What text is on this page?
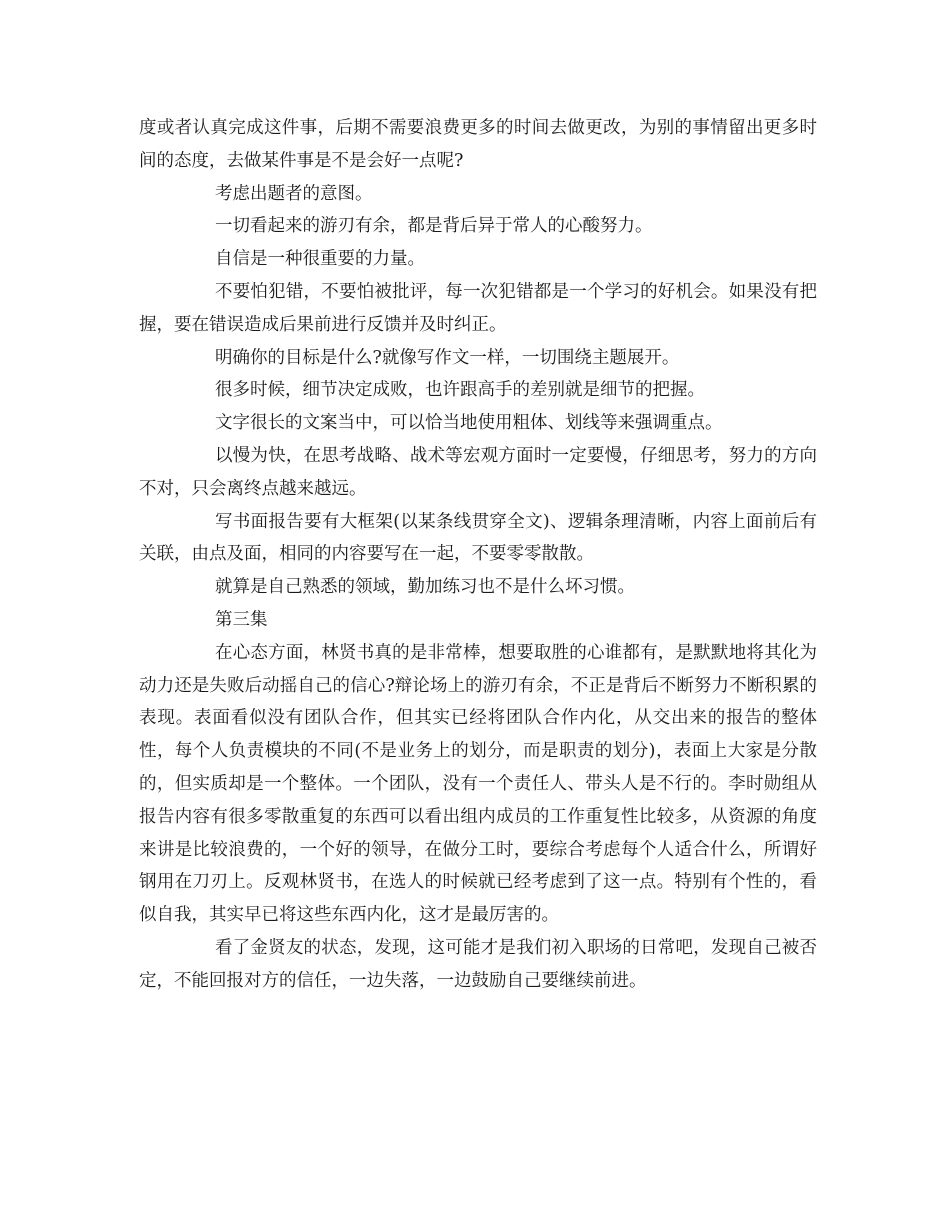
度或者认真完成这件事，后期不需要浪费更多的时间去做更改，为别的事情留出更多时间的态度，去做某件事是不是会好一点呢?

考虑出题者的意图。

一切看起来的游刃有余，都是背后异于常人的心酸努力。

自信是一种很重要的力量。

不要怕犯错，不要怕被批评，每一次犯错都是一个学习的好机会。如果没有把握，要在错误造成后果前进行反馈并及时纠正。

明确你的目标是什么?就像写作文一样，一切围绕主题展开。

很多时候，细节决定成败，也许跟高手的差别就是细节的把握。

文字很长的文案当中，可以恰当地使用粗体、划线等来强调重点。

以慢为快，在思考战略、战术等宏观方面时一定要慢，仔细思考，努力的方向不对，只会离终点越来越远。

写书面报告要有大框架(以某条线贯穿全文)、逻辑条理清晰，内容上面前后有关联，由点及面，相同的内容要写在一起，不要零零散散。

就算是自己熟悉的领域，勤加练习也不是什么坏习惯。

第三集

在心态方面，林贤书真的是非常棒，想要取胜的心谁都有，是默默地将其化为动力还是失败后动摇自己的信心?辩论场上的游刃有余，不正是背后不断努力不断积累的表现。表面看似没有团队合作，但其实已经将团队合作内化，从交出来的报告的整体性，每个人负责模块的不同(不是业务上的划分，而是职责的划分)，表面上大家是分散的，但实质却是一个整体。一个团队，没有一个责任人、带头人是不行的。李时勋组从报告内容有很多零散重复的东西可以看出组内成员的工作重复性比较多，从资源的角度来讲是比较浪费的，一个好的领导，在做分工时，要综合考虑每个人适合什么，所谓好钢用在刀刃上。反观林贤书，在选人的时候就已经考虑到了这一点。特别有个性的，看似自我，其实早已将这些东西内化，这才是最厉害的。

看了金贤友的状态，发现，这可能才是我们初入职场的日常吧，发现自己被否定，不能回报对方的信任，一边失落，一边鼓励自己要继续前进。
